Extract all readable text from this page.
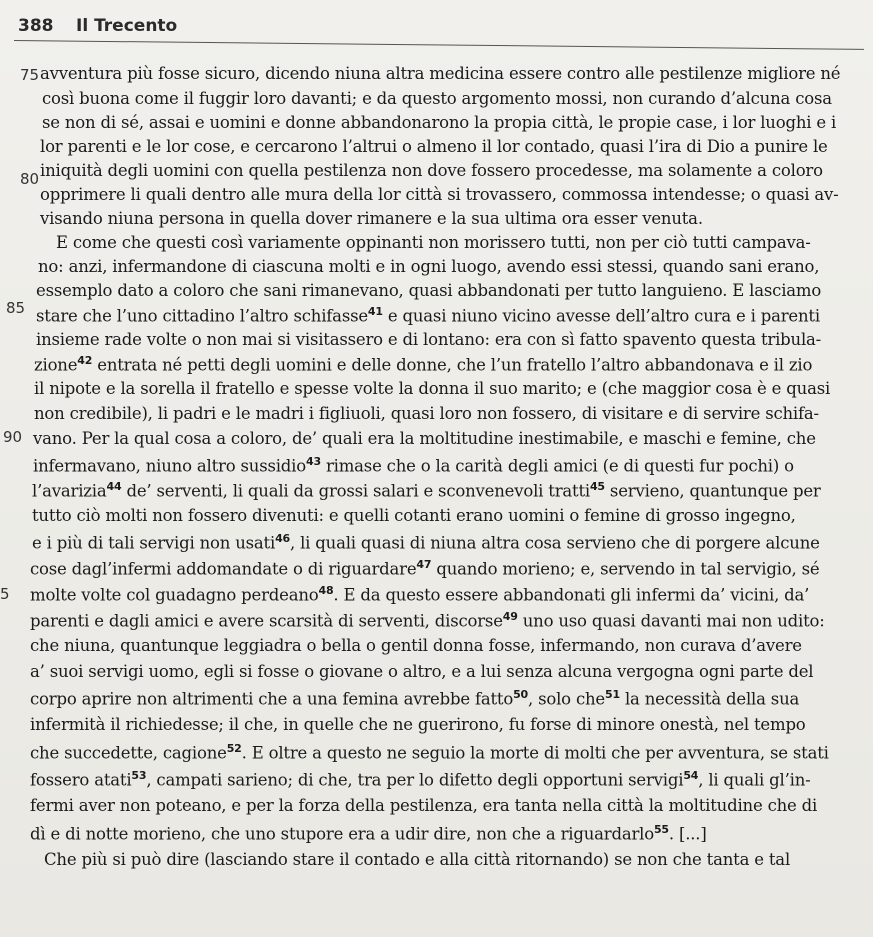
388 Il Trecento
75
80
85
90
5
avventura più fosse sicuro, dicendo niuna altra medicina essere contro alle pestilenze migliore né
così buona come il fuggir loro davanti; e da questo argomento mossi, non curando d’alcuna cosa
se non di sé, assai e uomini e donne abbandonarono la propia città, le propie case, i lor luoghi e i
lor parenti e le lor cose, e cercarono l’altrui o almeno il lor contado, quasi l’ira di Dio a punire le
iniquità degli uomini con quella pestilenza non dove fossero procedesse, ma solamente a coloro
opprimere li quali dentro alle mura della lor città si trovassero, commossa intendesse; o quasi av-
visando niuna persona in quella dover rimanere e la sua ultima ora esser venuta.
E come che questi così variamente oppinanti non morissero tutti, non per ciò tutti campava-
no: anzi, infermandone di ciascuna molti e in ogni luogo, avendo essi stessi, quando sani erano,
essemplo dato a coloro che sani rimanevano, quasi abbandonati per tutto languieno. E lasciamo
stare che l’uno cittadino l’altro schifasse$^{41}$ e quasi niuno vicino avesse dell’altro cura e i parenti
insieme rade volte o non mai si visitassero e di lontano: era con sì fatto spavento questa tribula-
zione$^{42}$ entrata né petti degli uomini e delle donne, che l’un fratello l’altro abbandonava e il zio
il nipote e la sorella il fratello e spesse volte la donna il suo marito; e (che maggior cosa è e quasi
non credibile), li padri e le madri i figliuoli, quasi loro non fossero, di visitare e di servire schifa-
vano. Per la qual cosa a coloro, de’ quali era la moltitudine inestimabile, e maschi e femine, che
infermavano, niuno altro sussidio$^{43}$ rimase che o la carità degli amici (e di questi fur pochi) o
l’avarizia$^{44}$ de’ serventi, li quali da grossi salari e sconvenevoli tratti$^{45}$ servieno, quantunque per
tutto ciò molti non fossero divenuti: e quelli cotanti erano uomini o femine di grosso ingegno,
e i più di tali servigi non usati$^{46}$, li quali quasi di niuna altra cosa servieno che di porgere alcune
cose dagl’infermi addomandate o di riguardare$^{47}$ quando morieno; e, servendo in tal servigio, sé
molte volte col guadagno perdeano$^{48}$. E da questo essere abbandonati gli infermi da’ vicini, da’
parenti e dagli amici e avere scarsità di serventi, discorse$^{49}$ uno uso quasi davanti mai non udito:
che niuna, quantunque leggiadra o bella o gentil donna fosse, infermando, non curava d’avere
a’ suoi servigi uomo, egli si fosse o giovane o altro, e a lui senza alcuna vergogna ogni parte del
corpo aprire non altrimenti che a una femina avrebbe fatto$^{50}$, solo che$^{51}$ la necessità della sua
infermità il richiedesse; il che, in quelle che ne guerirono, fu forse di minore onestà, nel tempo
che succedette, cagione$^{52}$. E oltre a questo ne seguio la morte di molti che per avventura, se stati
fossero atati$^{53}$, campati sarieno; di che, tra per lo difetto degli opportuni servigi$^{54}$, li quali gl’in-
fermi aver non poteano, e per la forza della pestilenza, era tanta nella città la moltitudine che di
dì e di notte morieno, che uno stupore era a udir dire, non che a riguardarlo$^{55}$. [...]
Che più si può dire (lasciando stare il contado e alla città ritornando) se non che tanta e tal
